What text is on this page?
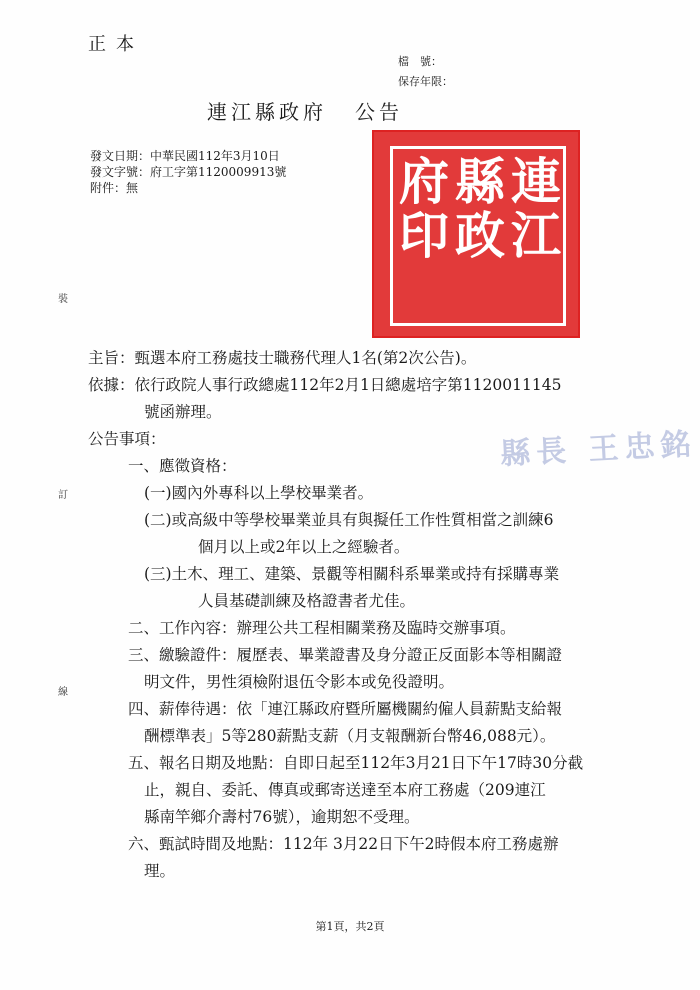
正本
檔　號：
保存年限：
連江縣政府 公告
發文日期：中華民國112年3月10日
發文字號：府工字第1120009913號
附件：無	連
江
縣
政
府
印
裝
訂
線
縣長 王忠銘
主旨：甄選本府工務處技士職務代理人1名(第2次公告)。
依據：依行政院人事行政總處112年2月1日總處培字第1120011145
號函辦理。
公告事項：
一、應徵資格：
(一)國內外專科以上學校畢業者。
(二)或高級中等學校畢業並具有與擬任工作性質相當之訓練6
個月以上或2年以上之經驗者。
(三)土木、理工、建築、景觀等相關科系畢業或持有採購專業
人員基礎訓練及格證書者尤佳。
二、工作內容：辦理公共工程相關業務及臨時交辦事項。
三、繳驗證件：履歷表、畢業證書及身分證正反面影本等相關證
明文件，男性須檢附退伍令影本或免役證明。
四、薪俸待遇：依「連江縣政府暨所屬機關約僱人員薪點支給報
酬標準表」5等280薪點支薪（月支報酬新台幣46,088元）。
五、報名日期及地點：自即日起至112年3月21日下午17時30分截
止，親自、委託、傳真或郵寄送達至本府工務處（209連江
縣南竿鄉介壽村76號），逾期恕不受理。
六、甄試時間及地點：112年 3月22日下午2時假本府工務處辦
理。
第1頁，共2頁
